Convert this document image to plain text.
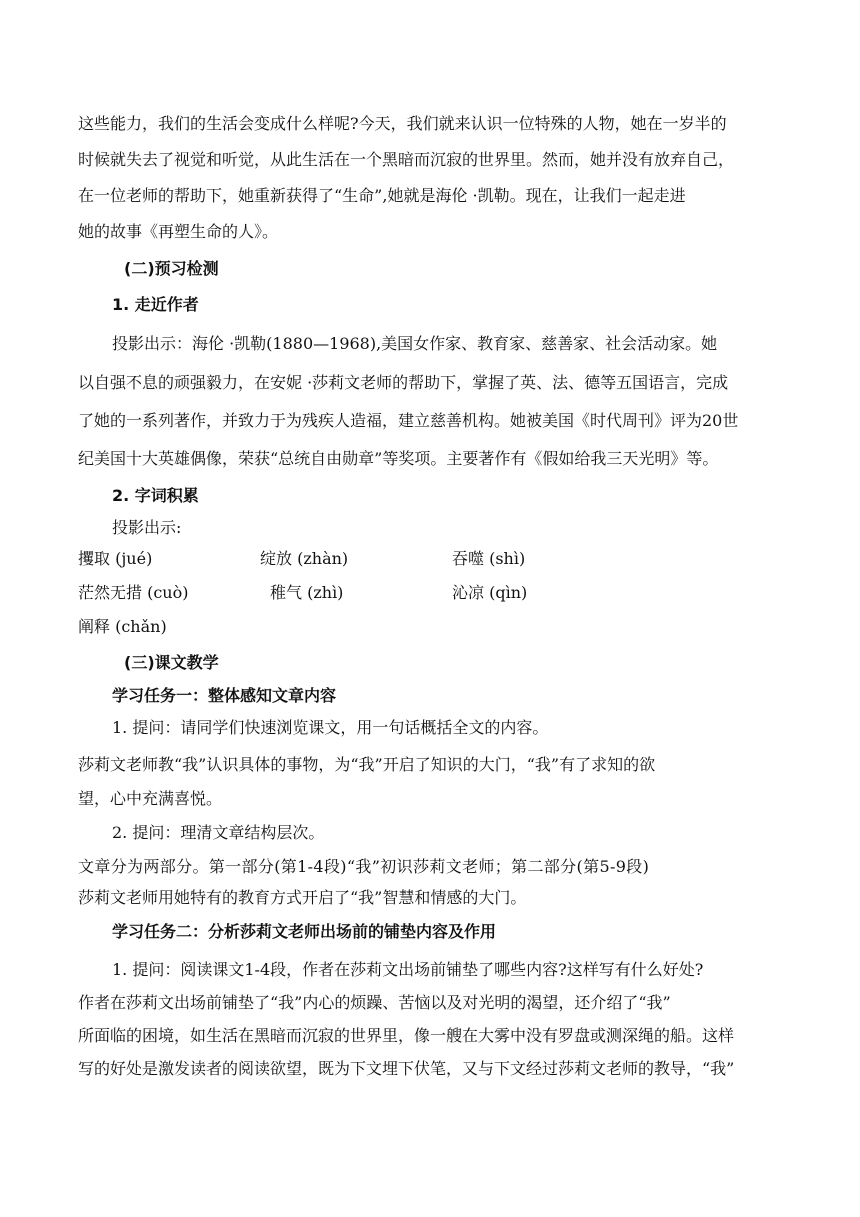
这些能力，我们的生活会变成什么样呢?今天，我们就来认识一位特殊的人物，她在一岁半的
时候就失去了视觉和听觉，从此生活在一个黑暗而沉寂的世界里。然而，她并没有放弃自己，
在一位老师的帮助下，她重新获得了“生命”,她就是海伦 ·凯勒。现在，让我们一起走进
她的故事《再塑生命的人》。
(二)预习检测
1. 走近作者
投影出示：海伦 ·凯勒(1880—1968),美国女作家、教育家、慈善家、社会活动家。她
以自强不息的顽强毅力，在安妮 ·莎莉文老师的帮助下，掌握了英、法、德等五国语言，完成
了她的一系列著作，并致力于为残疾人造福，建立慈善机构。她被美国《时代周刊》评为20世
纪美国十大英雄偶像，荣获“总统自由勋章”等奖项。主要著作有《假如给我三天光明》等。
2. 字词积累
投影出示:
攫取 (jué)	绽放 (zhàn)	吞噬 (shì)
茫然无措 (cuò)	稚气 (zhì)	沁凉 (qìn)
阐释 (chǎn)
(三)课文教学
学习任务一：整体感知文章内容
1. 提问：请同学们快速浏览课文，用一句话概括全文的内容。
莎莉文老师教“我”认识具体的事物，为“我”开启了知识的大门，“我”有了求知的欲
望，心中充满喜悦。
2. 提问：理清文章结构层次。
文章分为两部分。第一部分(第1-4段)“我”初识莎莉文老师；第二部分(第5-9段)
莎莉文老师用她特有的教育方式开启了“我”智慧和情感的大门。
学习任务二：分析莎莉文老师出场前的铺垫内容及作用
1. 提问：阅读课文1-4段，作者在莎莉文出场前铺垫了哪些内容?这样写有什么好处?
作者在莎莉文出场前铺垫了“我”内心的烦躁、苦恼以及对光明的渴望，还介绍了“我”
所面临的困境，如生活在黑暗而沉寂的世界里，像一艘在大雾中没有罗盘或测深绳的船。这样
写的好处是激发读者的阅读欲望，既为下文埋下伏笔，又与下文经过莎莉文老师的教导，“我”
